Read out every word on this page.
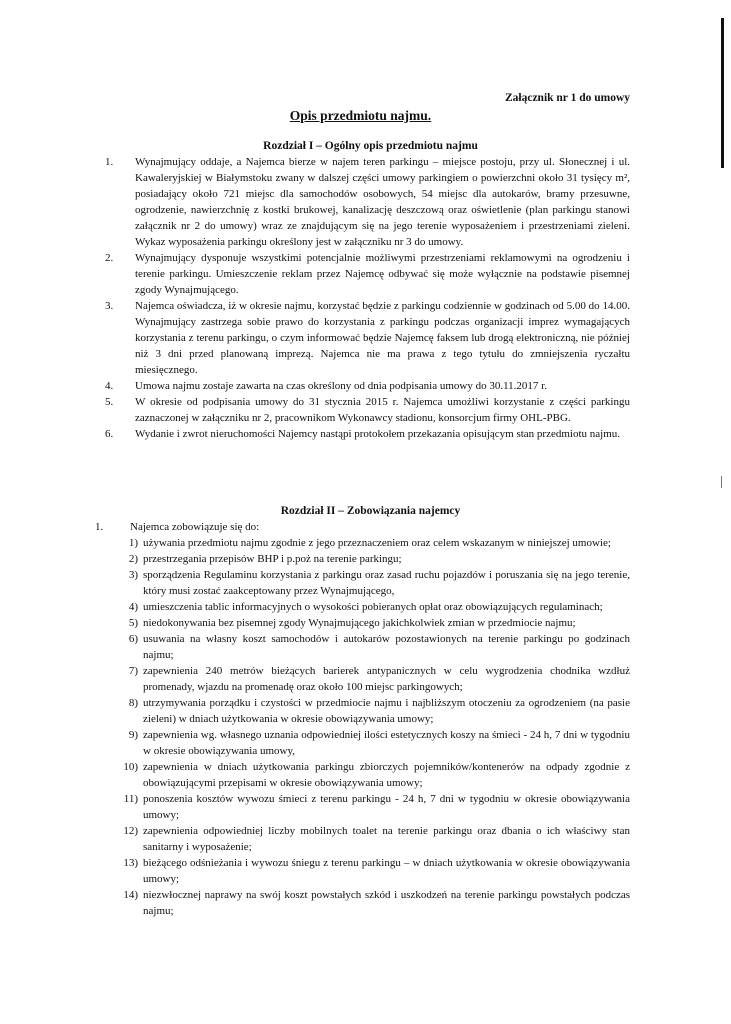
Załącznik nr 1 do umowy
Opis przedmiotu najmu.
Rozdział I – Ogólny opis przedmiotu najmu
1. Wynajmujący oddaje, a Najemca bierze w najem teren parkingu – miejsce postoju, przy ul. Słonecznej i ul. Kawaleryjskiej w Białymstoku zwany w dalszej części umowy parkingiem o powierzchni około 31 tysięcy m², posiadający około 721 miejsc dla samochodów osobowych, 54 miejsc dla autokarów, bramy przesuwne, ogrodzenie, nawierzchnię z kostki brukowej, kanalizację deszczową oraz oświetlenie (plan parkingu stanowi załącznik nr 2 do umowy) wraz ze znajdującym się na jego terenie wyposażeniem i przestrzeniami zieleni. Wykaz wyposażenia parkingu określony jest w załączniku nr 3 do umowy.
2. Wynajmujący dysponuje wszystkimi potencjalnie możliwymi przestrzeniami reklamowymi na ogrodzeniu i terenie parkingu. Umieszczenie reklam przez Najemcę odbywać się może wyłącznie na podstawie pisemnej zgody Wynajmującego.
3. Najemca oświadcza, iż w okresie najmu, korzystać będzie z parkingu codziennie w godzinach od 5.00 do 14.00. Wynajmujący zastrzega sobie prawo do korzystania z parkingu podczas organizacji imprez wymagających korzystania z terenu parkingu, o czym informować będzie Najemcę faksem lub drogą elektroniczną, nie później niż 3 dni przed planowaną imprezą. Najemca nie ma prawa z tego tytułu do zmniejszenia ryczałtu miesięcznego.
4. Umowa najmu zostaje zawarta na czas określony od dnia podpisania umowy do 30.11.2017 r.
5. W okresie od podpisania umowy do 31 stycznia 2015 r. Najemca umożliwi korzystanie z części parkingu zaznaczonej w załączniku nr 2, pracownikom Wykonawcy stadionu, konsorcjum firmy OHL-PBG.
6. Wydanie i zwrot nieruchomości Najemcy nastąpi protokołem przekazania opisującym stan przedmiotu najmu.
Rozdział II – Zobowiązania najemcy
1. Najemca zobowiązuje się do:
1) używania przedmiotu najmu zgodnie z jego przeznaczeniem oraz celem wskazanym w niniejszej umowie;
2) przestrzegania przepisów BHP i p.poż na terenie parkingu;
3) sporządzenia Regulaminu korzystania z parkingu oraz zasad ruchu pojazdów i poruszania się na jego terenie, który musi zostać zaakceptowany przez Wynajmującego,
4) umieszczenia tablic informacyjnych o wysokości pobieranych opłat oraz obowiązujących regulaminach;
5) niedokonywania bez pisemnej zgody Wynajmującego jakichkolwiek zmian w przedmiocie najmu;
6) usuwania na własny koszt samochodów i autokarów pozostawionych na terenie parkingu po godzinach najmu;
7) zapewnienia 240 metrów bieżących barierek antypanicznych w celu wygrodzenia chodnika wzdłuż promenady, wjazdu na promenadę oraz około 100 miejsc parkingowych;
8) utrzymywania porządku i czystości w przedmiocie najmu i najbliższym otoczeniu za ogrodzeniem (na pasie zieleni) w dniach użytkowania w okresie obowiązywania umowy;
9) zapewnienia wg. własnego uznania odpowiedniej ilości estetycznych koszy na śmieci - 24 h, 7 dni w tygodniu w okresie obowiązywania umowy,
10) zapewnienia w dniach użytkowania parkingu zbiorczych pojemników/kontenerów na odpady zgodnie z obowiązującymi przepisami w okresie obowiązywania umowy;
11) ponoszenia kosztów wywozu śmieci z terenu parkingu - 24 h, 7 dni w tygodniu w okresie obowiązywania umowy;
12) zapewnienia odpowiedniej liczby mobilnych toalet na terenie parkingu oraz dbania o ich właściwy stan sanitarny i wyposażenie;
13) bieżącego odśnieżania i wywozu śniegu z terenu parkingu – w dniach użytkowania w okresie obowiązywania umowy;
14) niezwłocznej naprawy na swój koszt powstałych szkód i uszkodzeń na terenie parkingu powstałych podczas najmu;
